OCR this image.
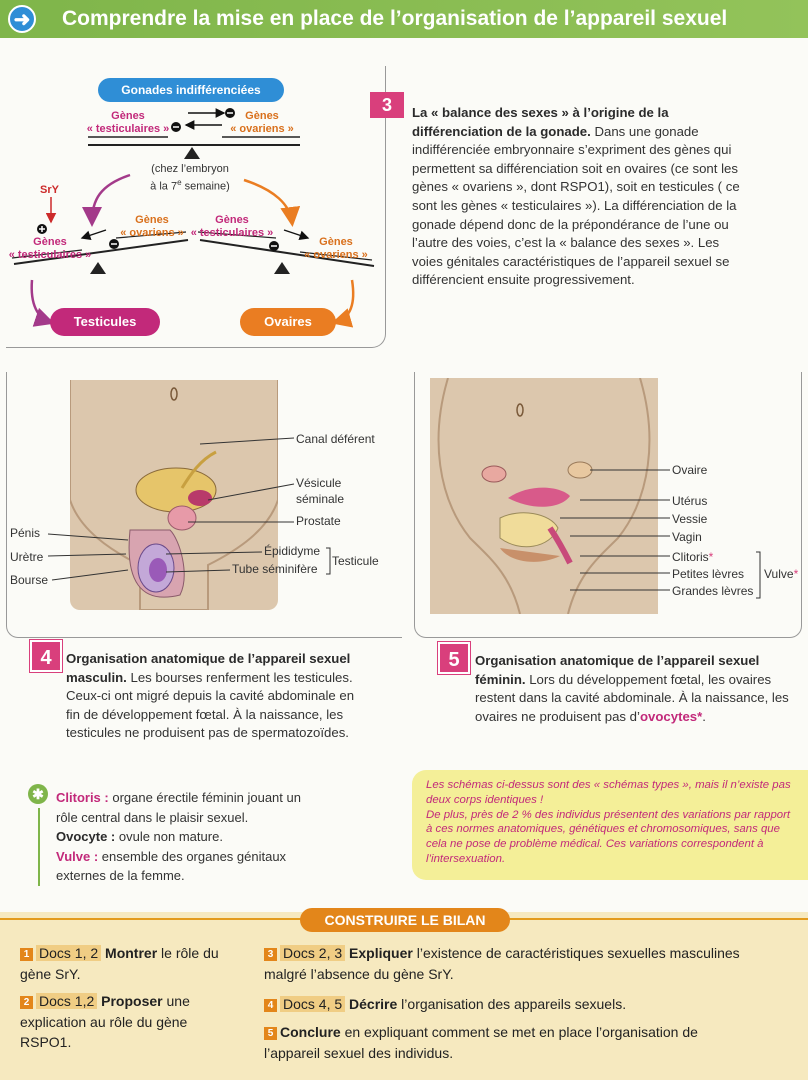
➜ Comprendre la mise en place de l’organisation de l’appareil sexuel
Gonades indifférenciées
Gènes
« testiculaires »
Gènes
« ovariens »
(chez l’embryon
à la 7e semaine)
SrY
Gènes
« testiculaires »
Gènes
« ovariens »
Gènes
« testiculaires »
Gènes
« ovariens »
Testicules	Ovaires
3	La « balance des sexes » à l’origine de la différenciation de la gonade. Dans une gonade indifférenciée embryonnaire s’expriment des gènes qui permettent sa différenciation soit en ovaires (ce sont les gènes « ovariens », dont RSPO1), soit en testicules ( ce sont les gènes « testiculaires »). La différenciation de la gonade dépend donc de la prépondérance de l’une ou l’autre des voies, c’est la « balance des sexes ». Les voies génitales caractéristiques de l’appareil sexuel se différencient ensuite progressivement.
Canal déférent
Vésicule
séminale
Prostate
Épididyme
Tube séminifère
Testicule
Pénis
Urètre
Bourse
Ovaire
Utérus
Vessie
Vagin
Clitoris*
Petites lèvres
Grandes lèvres
Vulve*
4	Organisation anatomique de l’appareil sexuel masculin. Les bourses renferment les testicules. Ceux-ci ont migré depuis la cavité abdominale en fin de développement fœtal. À la naissance, les testicules ne produisent pas de spermatozoïdes.
5	Organisation anatomique de l’appareil sexuel féminin. Lors du développement fœtal, les ovaires restent dans la cavité abdominale. À la naissance, les ovaires ne produisent pas d’ovocytes*.
✱ Clitoris : organe érectile féminin jouant un rôle central dans le plaisir sexuel.
Ovocyte : ovule non mature.
Vulve : ensemble des organes génitaux externes de la femme.
Les schémas ci-dessus sont des « schémas types », mais il n’existe pas deux corps identiques !
De plus, près de 2 % des individus présentent des variations par rapport à ces normes anatomiques, génétiques et chromosomiques, sans que cela ne pose de problème médical. Ces variations correspondent à l’intersexuation.
CONSTRUIRE LE BILAN
1 Docs 1, 2 Montrer le rôle du gène SrY.
2 Docs 1,2 Proposer une explication au rôle du gène RSPO1.
3 Docs 2, 3 Expliquer l’existence de caractéristiques sexuelles masculines malgré l’absence du gène SrY.
4 Docs 4, 5 Décrire l’organisation des appareils sexuels.
5 Conclure en expliquant comment se met en place l’organisation de l’appareil sexuel des individus.
